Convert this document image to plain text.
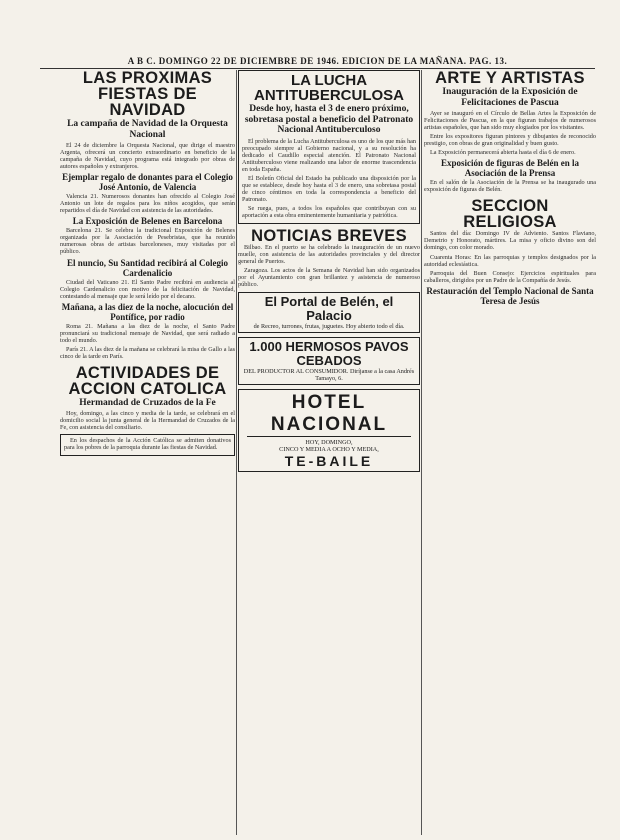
A B C. DOMINGO 22 DE DICIEMBRE DE 1946. EDICION DE LA MAÑANA. PAG. 13.
LAS PROXIMAS FIESTAS DE NAVIDAD
La campaña de Navidad de la Orquesta Nacional

El 24 de diciembre la Orquesta Nacional, que dirige el maestro Argenta, ofrecerá un concierto extraordinario en beneficio de la campaña de Navidad, cuyo programa está integrado por obras de autores españoles y extranjeros.

Ejemplar regalo de donantes para el Colegio José Antonio, de Valencia

Valencia 21. Numerosos donantes han ofrecido al Colegio José Antonio un lote de regalos para los niños acogidos, que serán repartidos el día de Navidad con asistencia de las autoridades.

La Exposición de Belenes en Barcelona

Barcelona 21. Se celebra la tradicional Exposición de Belenes organizada por la Asociación de Pesebristas, que ha reunido numerosas obras de artistas barceloneses, muy visitadas por el público.

El nuncio, Su Santidad recibirá al Colegio Cardenalicio

Ciudad del Vaticano 21. El Santo Padre recibirá en audiencia al Colegio Cardenalicio con motivo de la felicitación de Navidad, contestando al mensaje que le será leído por el decano.

Mañana, a las diez de la noche, alocución del Pontífice, por radio

Roma 21. Mañana a las diez de la noche, el Santo Padre pronunciará su tradicional mensaje de Navidad, que será radiado a todo el mundo.

París 21. A las diez de la mañana se celebrará la misa de Gallo a las cinco de la tarde en París.

ACTIVIDADES DE ACCION CATOLICA
Hermandad de Cruzados de la Fe

Hoy, domingo, a las cinco y media de la tarde, se celebrará en el domicilio social la junta general de la Hermandad de Cruzados de la Fe, con asistencia del consiliario.

En los despachos de la Acción Católica se admiten donativos para los pobres de la parroquia durante las fiestas de Navidad.

LA LUCHA ANTITUBERCULOSA
Desde hoy, hasta el 3 de enero próximo, sobretasa postal a beneficio del Patronato Nacional Antituberculoso

El problema de la Lucha Antituberculosa es uno de los que más han preocupado siempre al Gobierno nacional, y a su resolución ha dedicado el Caudillo especial atención. El Patronato Nacional Antituberculoso viene realizando una labor de enorme trascendencia en toda España.

El Boletín Oficial del Estado ha publicado una disposición por la que se establece, desde hoy hasta el 3 de enero, una sobretasa postal de cinco céntimos en toda la correspondencia a beneficio del Patronato.

Se ruega, pues, a todos los españoles que contribuyan con su aportación a esta obra eminentemente humanitaria y patriótica.

NOTICIAS BREVES

Bilbao. En el puerto se ha celebrado la inauguración de un nuevo muelle, con asistencia de las autoridades provinciales y del director general de Puertos.

Zaragoza. Los actos de la Semana de Navidad han sido organizados por el Ayuntamiento con gran brillantez y asistencia de numeroso público.

El Portal de Belén, el Palacio
de Recreo, turrones, frutas, juguetes. Hoy abierto todo el día.
1.000 HERMOSOS PAVOS CEBADOS
DEL PRODUCTOR AL CONSUMIDOR. Diríjanse a la casa Andrés Tamayo, 6.
HOTEL NACIONAL
HOY, DOMINGO,
CINCO Y MEDIA A OCHO Y MEDIA,
TE-BAILE
ARTE Y ARTISTAS
Inauguración de la Exposición de Felicitaciones de Pascua

Ayer se inauguró en el Círculo de Bellas Artes la Exposición de Felicitaciones de Pascua, en la que figuran trabajos de numerosos artistas españoles, que han sido muy elogiados por los visitantes.

Entre los expositores figuran pintores y dibujantes de reconocido prestigio, con obras de gran originalidad y buen gusto.

La Exposición permanecerá abierta hasta el día 6 de enero.

Exposición de figuras de Belén en la Asociación de la Prensa

En el salón de la Asociación de la Prensa se ha inaugurado una exposición de figuras de Belén.

SECCION RELIGIOSA

Santos del día: Domingo IV de Adviento. Santos Flaviano, Demetrio y Honorato, mártires. La misa y oficio divino son del domingo, con color morado.

Cuarenta Horas: En las parroquias y templos designados por la autoridad eclesiástica.

Parroquia del Buen Consejo: Ejercicios espirituales para caballeros, dirigidos por un Padre de la Compañía de Jesús.

Restauración del Templo Nacional de Santa Teresa de Jesús
